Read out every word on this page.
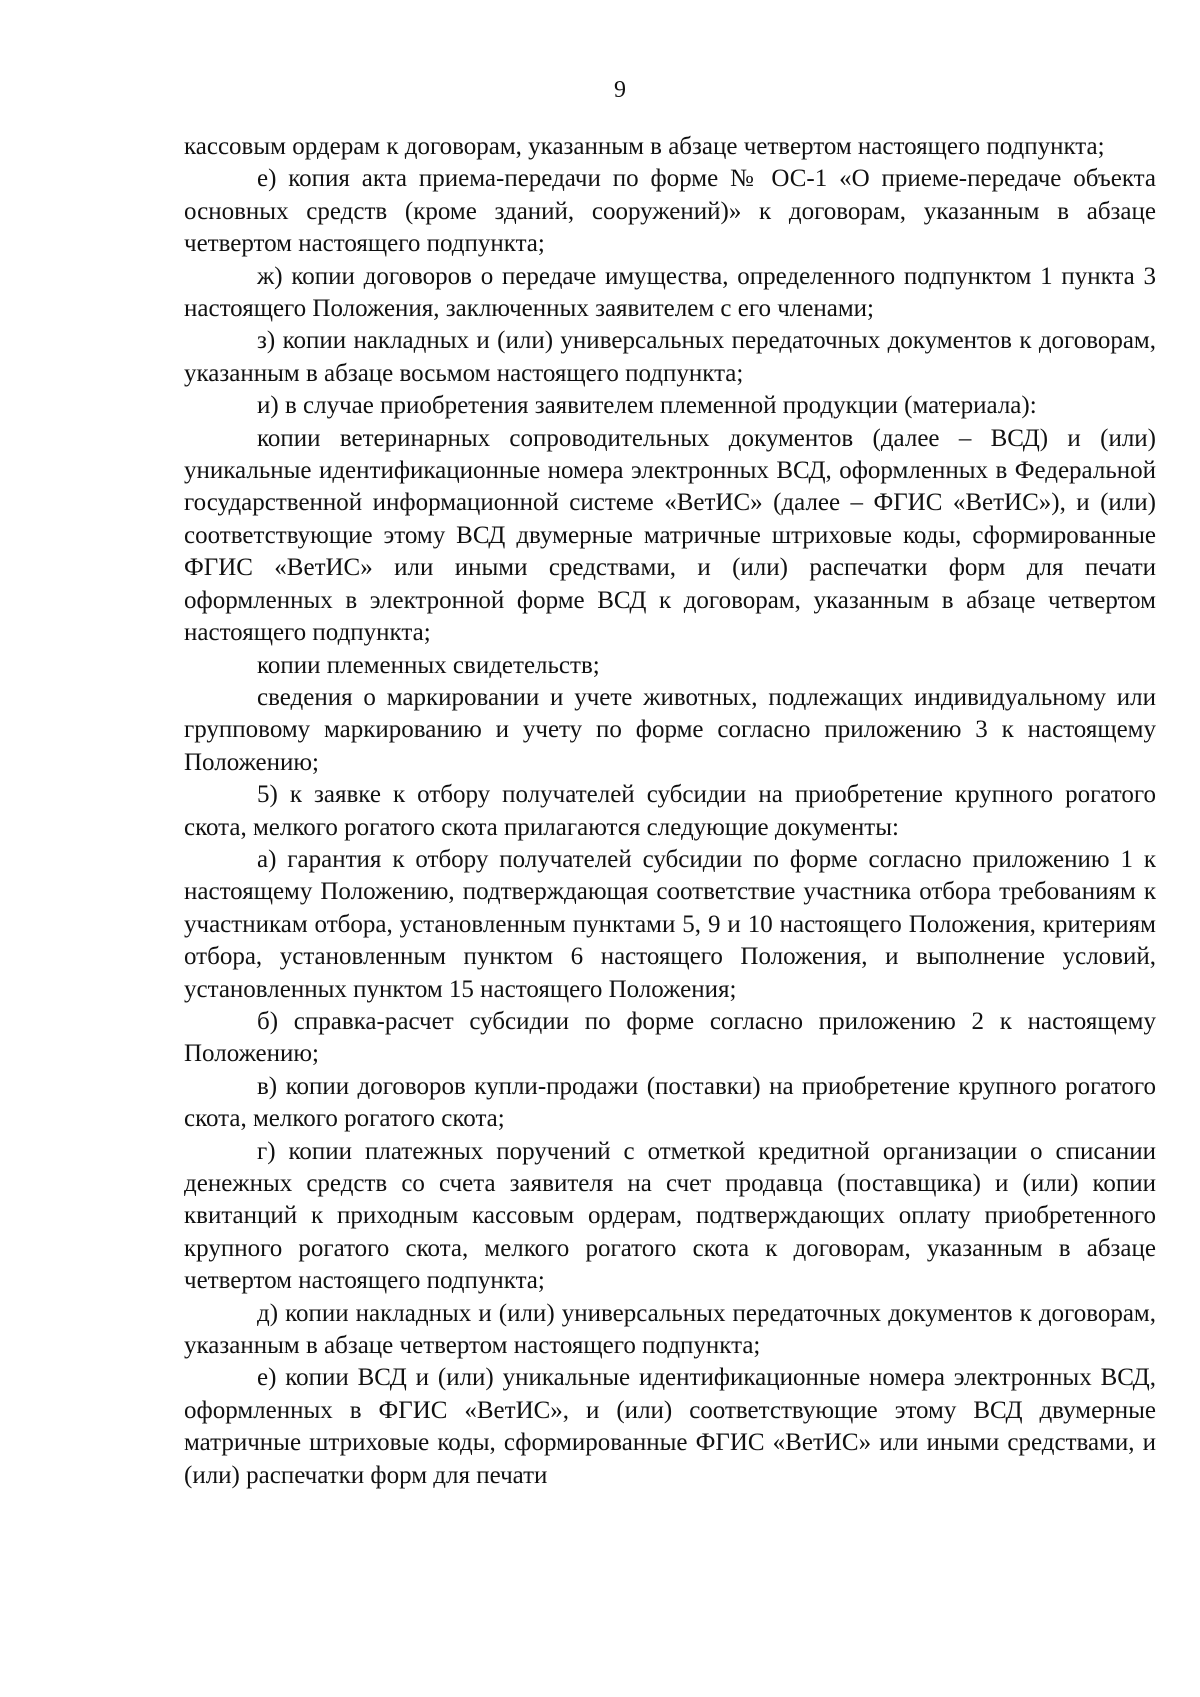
9

кассовым ордерам к договорам, указанным в абзаце четвертом настоящего подпункта;

е) копия акта приема-передачи по форме № ОС-1 «О приеме-передаче объекта основных средств (кроме зданий, сооружений)» к договорам, указанным в абзаце четвертом настоящего подпункта;

ж) копии договоров о передаче имущества, определенного подпунктом 1 пункта 3 настоящего Положения, заключенных заявителем с его членами;

з) копии накладных и (или) универсальных передаточных документов к договорам, указанным в абзаце восьмом настоящего подпункта;

и) в случае приобретения заявителем племенной продукции (материала):

копии ветеринарных сопроводительных документов (далее – ВСД) и (или) уникальные идентификационные номера электронных ВСД, оформленных в Федеральной государственной информационной системе «ВетИС» (далее – ФГИС «ВетИС»), и (или) соответствующие этому ВСД двумерные матричные штриховые коды, сформированные ФГИС «ВетИС» или иными средствами, и (или) распечатки форм для печати оформленных в электронной форме ВСД к договорам, указанным в абзаце четвертом настоящего подпункта;

копии племенных свидетельств;

сведения о маркировании и учете животных, подлежащих индивидуальному или групповому маркированию и учету по форме согласно приложению 3 к настоящему Положению;

5) к заявке к отбору получателей субсидии на приобретение крупного рогатого скота, мелкого рогатого скота прилагаются следующие документы:

а) гарантия к отбору получателей субсидии по форме согласно приложению 1 к настоящему Положению, подтверждающая соответствие участника отбора требованиям к участникам отбора, установленным пунктами 5, 9 и 10 настоящего Положения, критериям отбора, установленным пунктом 6 настоящего Положения, и выполнение условий, установленных пунктом 15 настоящего Положения;

б) справка-расчет субсидии по форме согласно приложению 2 к настоящему Положению;

в) копии договоров купли-продажи (поставки) на приобретение крупного рогатого скота, мелкого рогатого скота;

г) копии платежных поручений с отметкой кредитной организации о списании денежных средств со счета заявителя на счет продавца (поставщика) и (или) копии квитанций к приходным кассовым ордерам, подтверждающих оплату приобретенного крупного рогатого скота, мелкого рогатого скота к договорам, указанным в абзаце четвертом настоящего подпункта;

д) копии накладных и (или) универсальных передаточных документов к договорам, указанным в абзаце четвертом настоящего подпункта;

е) копии ВСД и (или) уникальные идентификационные номера электронных ВСД, оформленных в ФГИС «ВетИС», и (или) соответствующие этому ВСД двумерные матричные штриховые коды, сформированные ФГИС «ВетИС» или иными средствами, и (или) распечатки форм для печати
